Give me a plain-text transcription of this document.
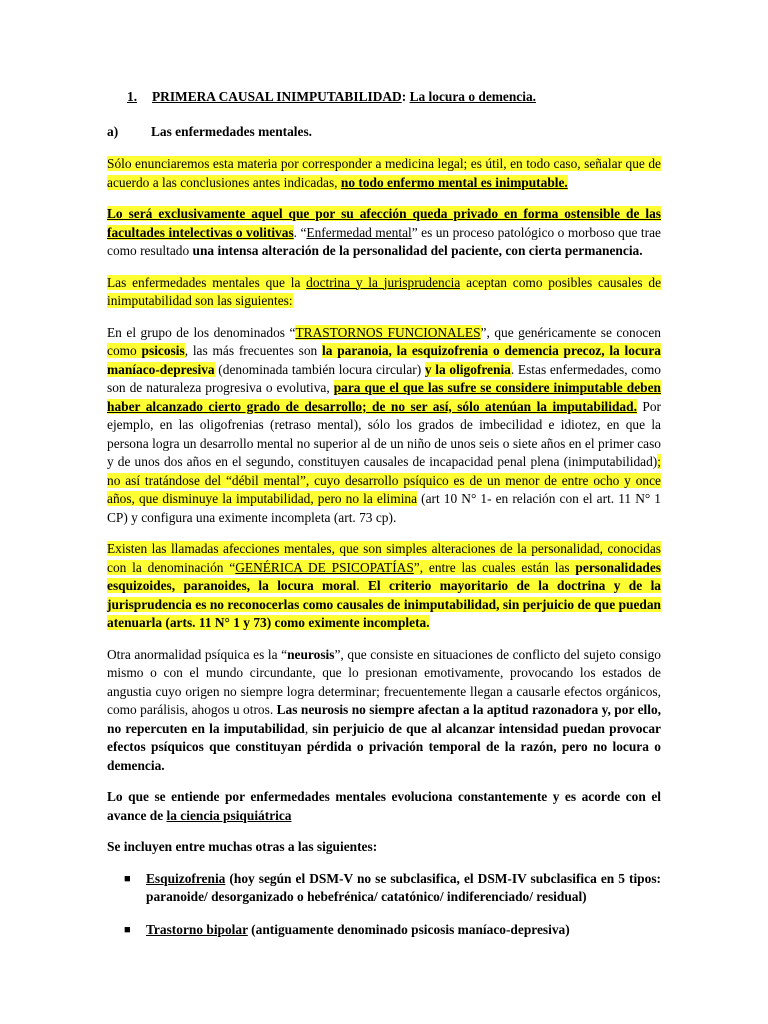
1. PRIMERA CAUSAL INIMPUTABILIDAD: La locura o demencia.
a) Las enfermedades mentales.

Sólo enunciaremos esta materia por corresponder a medicina legal; es útil, en todo caso, señalar que de acuerdo a las conclusiones antes indicadas, no todo enfermo mental es inimputable.

Lo será exclusivamente aquel que por su afección queda privado en forma ostensible de las facultades intelectivas o volitivas. “Enfermedad mental” es un proceso patológico o morboso que trae como resultado una intensa alteración de la personalidad del paciente, con cierta permanencia.

Las enfermedades mentales que la doctrina y la jurisprudencia aceptan como posibles causales de inimputabilidad son las siguientes:

En el grupo de los denominados “TRASTORNOS FUNCIONALES”, que genéricamente se conocen como psicosis, las más frecuentes son la paranoia, la esquizofrenia o demencia precoz, la locura maníaco-depresiva (denominada también locura circular) y la oligofrenia. Estas enfermedades, como son de naturaleza progresiva o evolutiva, para que el que las sufre se considere inimputable deben haber alcanzado cierto grado de desarrollo; de no ser así, sólo atenúan la imputabilidad. Por ejemplo, en las oligofrenias (retraso mental), sólo los grados de imbecilidad e idiotez, en que la persona logra un desarrollo mental no superior al de un niño de unos seis o siete años en el primer caso y de unos dos años en el segundo, constituyen causales de incapacidad penal plena (inimputabilidad); no así tratándose del “débil mental”, cuyo desarrollo psíquico es de un menor de entre ocho y once años, que disminuye la imputabilidad, pero no la elimina (art 10 N° 1- en relación con el art. 11 N° 1 CP) y configura una eximente incompleta (art. 73 cp).

Existen las llamadas afecciones mentales, que son simples alteraciones de la personalidad, conocidas con la denominación “GENÉRICA DE PSICOPATÍAS”, entre las cuales están las personalidades esquizoides, paranoides, la locura moral. El criterio mayoritario de la doctrina y de la jurisprudencia es no reconocerlas como causales de inimputabilidad, sin perjuicio de que puedan atenuarla (arts. 11 N° 1 y 73) como eximente incompleta.

Otra anormalidad psíquica es la “neurosis”, que consiste en situaciones de conflicto del sujeto consigo mismo o con el mundo circundante, que lo presionan emotivamente, provocando los estados de angustia cuyo origen no siempre logra determinar; frecuentemente llegan a causarle efectos orgánicos, como parálisis, ahogos u otros. Las neurosis no siempre afectan a la aptitud razonadora y, por ello, no repercuten en la imputabilidad, sin perjuicio de que al alcanzar intensidad puedan provocar efectos psíquicos que constituyan pérdida o privación temporal de la razón, pero no locura o demencia.

Lo que se entiende por enfermedades mentales evoluciona constantemente y es acorde con el avance de la ciencia psiquiátrica

Se incluyen entre muchas otras a las siguientes:

■ Esquizofrenia (hoy según el DSM-V no se subclasifica, el DSM-IV subclasifica en 5 tipos: paranoide/ desorganizado o hebefrénica/ catatónico/ indiferenciado/ residual)
■ Trastorno bipolar (antiguamente denominado psicosis maníaco-depresiva)
